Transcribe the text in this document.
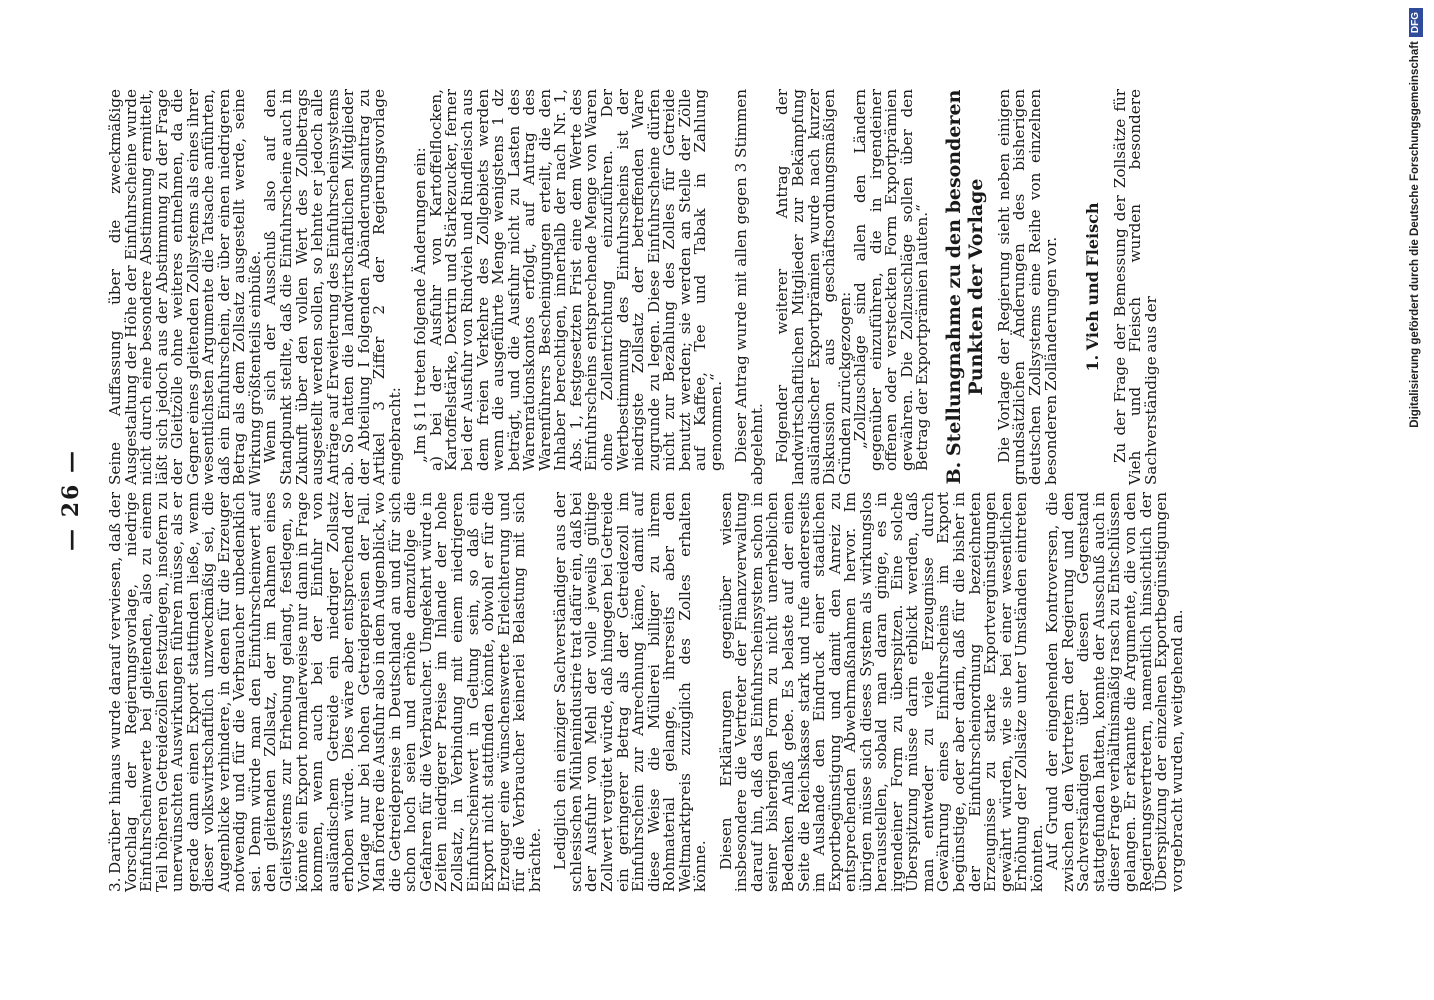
— 26 —

3.Darüber hinaus wurde darauf verwiesen, daß der Vorschlag der Regierungsvorlage, niedrige Einfuhrscheinwerte bei gleitenden, also zu einem Teil höheren Getreidezöllen festzulegen, insofern zu unerwünschten Auswirkungen führen müsse, als er gerade dann einen Export stattfinden ließe, wenn dieser volkswirtschaftlich unzweckmäßig sei, die Augenblicke verhindere, in denen für die Erzeuger notwendig und für die Verbraucher unbedenklich sei. Denn würde man den Einfuhrscheinwert auf den gleitenden Zollsatz, der im Rahmen eines Gleitsystems zur Erhebung gelangt, festlegen, so könnte ein Export normalerweise nur dann in Frage kommen, wenn auch bei der Einfuhr von ausländischem Getreide ein niedriger Zollsatz erhoben würde. Dies wäre aber entsprechend der Vorlage nur bei hohen Getreidepreisen der Fall. Man fördere die Ausfuhr also in dem Augenblick, wo die Getreidepreise in Deutschland an und für sich schon hoch seien und erhöhe demzufolge die Gefahren für die Verbraucher. Umgekehrt würde in Zeiten niedrigerer Preise im Inlande der hohe Zollsatz, in Verbindung mit einem niedrigeren Einfuhrscheinwert in Geltung sein, so daß ein Export nicht stattfinden könnte, obwohl er für die Erzeuger eine wünschenswerte Erleichterung und für die Verbraucher keinerlei Belastung mit sich brächte. Lediglich ein einziger Sachverständiger aus der schlesischen Mühlenindustrie trat dafür ein, daß bei der Ausfuhr von Mehl der volle jeweils gültige Zollwert vergütet würde, daß hingegen bei Getreide ein geringerer Betrag als der Getreidezoll im Einfuhrschein zur Anrechnung käme, damit auf diese Weise die Müllerei billiger zu ihrem Rohmaterial gelange, ihrerseits aber den Weltmarktpreis zuzüglich des Zolles erhalten könne. Diesen Erklärungen gegenüber wiesen insbesondere die Vertreter der Finanzverwaltung darauf hin, daß das Einfuhrscheinsystem schon in seiner bisherigen Form zu nicht unerheblichen Bedenken Anlaß gebe. Es belaste auf der einen Seite die Reichskasse stark und rufe andererseits im Auslande den Eindruck einer staatlichen Exportbegünstigung und damit den Anreiz zu entsprechenden Abwehrmaßnahmen hervor. Im übrigen müsse sich dieses System als wirkungslos herausstellen, sobald man daran ginge, es in irgendeiner Form zu überspitzen. Eine solche Überspitzung müsse darin erblickt werden, daß man entweder zu viele Erzeugnisse durch Gewährung eines Einfuhrscheins im Export begünstige, oder aber darin, daß für die bisher in der Einfuhrscheinordnung bezeichneten Erzeugnisse zu starke Exportvergünstigungen gewährt würden, wie sie bei einer wesentlichen Erhöhung der Zollsätze unter Umständen eintreten könnten.

Auf Grund der eingehenden Kontroversen, die zwischen den Vertretern der Regierung und den Sachverständigen über diesen Gegenstand stattgefunden hatten, konnte der Ausschuß auch in dieser Frage verhältnismäßig rasch zu Entschlüssen gelangen. Er erkannte die Argumente, die von den Regierungsvertretern, namentlich hinsichtlich der Überspitzung der einzelnen Exportbegünstigungen vorgebracht wurden, weitgehend an.

Seine Auffassung über die zweckmäßige Ausgestaltung der Höhe der Einfuhrscheine wurde nicht durch eine besondere Abstimmung ermittelt, läßt sich jedoch aus der Abstimmung zu der Frage der Gleitzölle ohne weiteres entnehmen, da die Gegner eines gleitenden Zollsystems als eines ihrer wesentlichsten Argumente die Tatsache anführten, daß ein Einfuhrschein, der über einen niedrigeren Betrag als dem Zollsatz ausgestellt werde, seine Wirkung größtenteils einbüße.

Wenn sich der Ausschuß also auf den Standpunkt stellte, daß die Einfuhrscheine auch in Zukunft über den vollen Wert des Zollbetrags ausgestellt werden sollen, so lehnte er jedoch alle Anträge auf Erweiterung des Einfuhrscheinsystems ab. So hatten die landwirtschaftlichen Mitglieder der Abteilung I folgenden Abänderungsantrag zu Artikel 3 Ziffer 2 der Regierungsvorlage eingebracht: „Im § 11 treten folgende Änderungen ein:

a) bei der Ausfuhr von Kartoffelflocken, Kartoffelstärke, Dextrin und Stärkezucker, ferner bei der Ausfuhr von Rindvieh und Rindfleisch aus dem freien Verkehre des Zollgebiets werden wenn die ausgeführte Menge wenigstens 1 dz beträgt, und die Ausfuhr nicht zu Lasten des Warenrationskontos erfolgt, auf Antrag des Warenführers Bescheinigungen erteilt, die den Inhaber berechtigen, innerhalb der nach Nr. 1, Abs. 1, festgesetzten Frist eine dem Werte des Einfuhrscheins entsprechende Menge von Waren ohne Zollentrichtung einzuführen. Der Wertbestimmung des Einfuhrscheins ist der niedrigste Zollsatz der betreffenden Ware zugrunde zu legen. Diese Einfuhrscheine dürfen nicht zur Bezahlung des Zolles für Getreide benutzt werden; sie werden an Stelle der Zölle auf Kaffee, Tee und Tabak in Zahlung genommen.“ Dieser Antrag wurde mit allen gegen 3 Stimmen abgelehnt. Folgender weiterer Antrag der landwirtschaftlichen Mitglieder zur Bekämpfung ausländischer Exportprämien wurde nach kurzer Diskussion aus geschäftsordnungsmäßigen Gründen zurückgezogen:

„Zollzuschläge sind allen den Ländern gegenüber einzuführen, die in irgendeiner offenen oder versteckten Form Exportprämien gewähren. Die Zollzuschläge sollen über den Betrag der Exportprämien lauten.“ B. Stellungnahme zu den besonderen Punkten der Vorlage Die Vorlage der Regierung sieht neben einigen grundsätzlichen Änderungen des bisherigen deutschen Zollsystems eine Reihe von einzelnen besonderen Zolländerungen vor. 1. Vieh und Fleisch Zu der Frage der Bemessung der Zollsätze für Vieh und Fleisch wurden besondere Sachverständige aus der	Digitalisierung gefördert durch die Deutsche ForschungsgemeinschaftDFG
